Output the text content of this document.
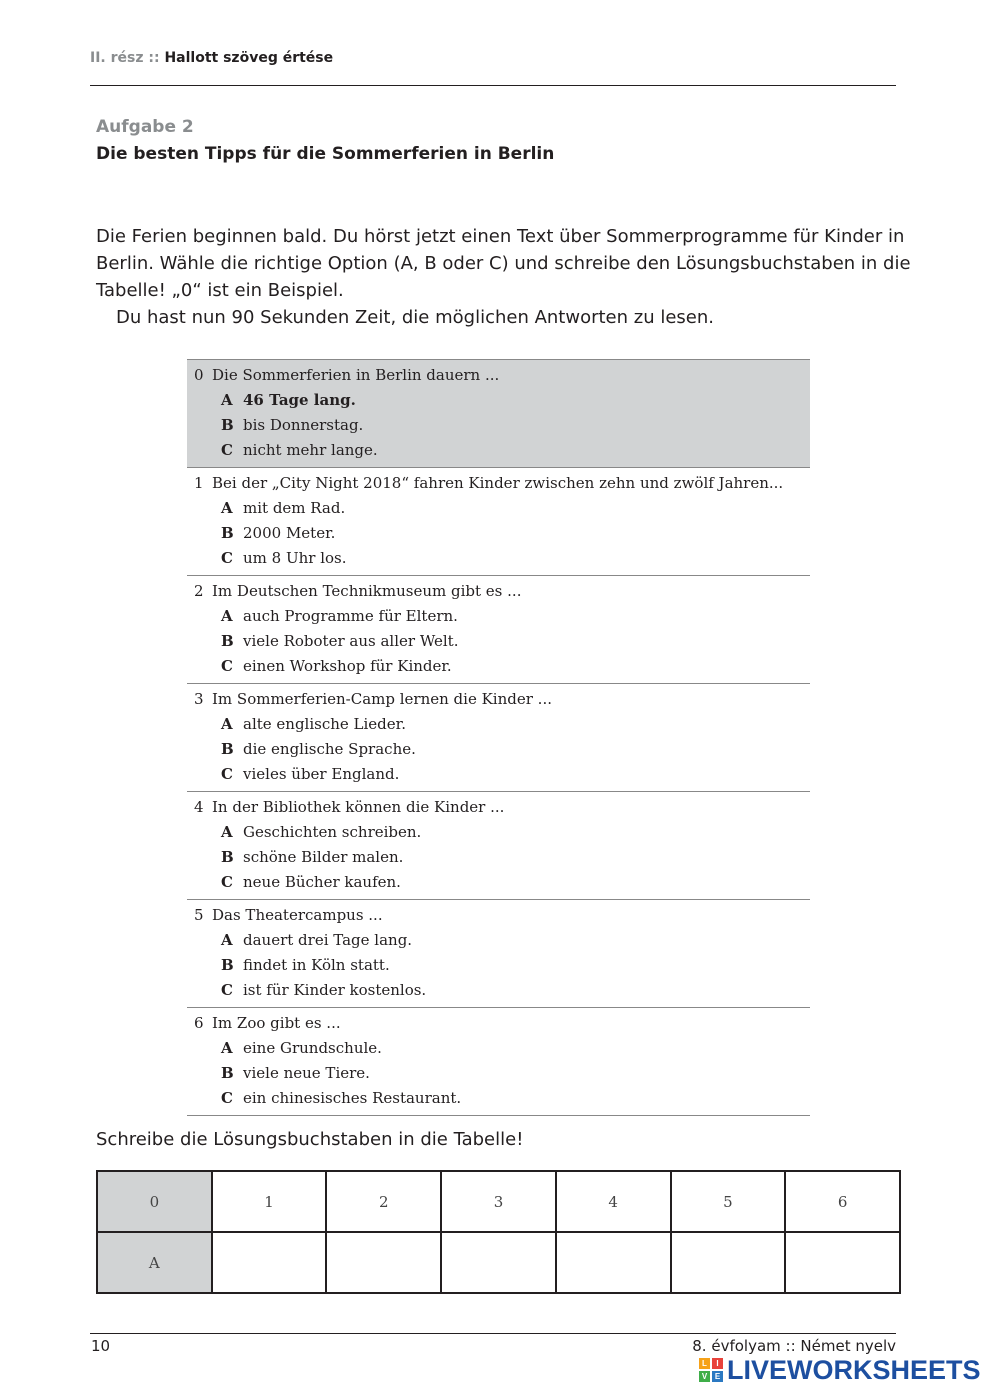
II. rész :: Hallott szöveg értése
Aufgabe 2
Die besten Tipps für die Sommerferien in Berlin

Die Ferien beginnen bald. Du hörst jetzt einen Text über Sommerprogramme für Kinder in Berlin. Wähle die richtige Option (A, B oder C) und schreibe den Lösungsbuchstaben in die Tabelle! „0“ ist ein Beispiel.

Du hast nun 90 Sekunden Zeit, die möglichen Antworten zu lesen.

0 Die Sommerferien in Berlin dauern ...
A 46 Tage lang.
B bis Donnerstag.
C nicht mehr lange.
1 Bei der „City Night 2018“ fahren Kinder zwischen zehn und zwölf Jahren...
A mit dem Rad.
B 2000 Meter.
C um 8 Uhr los.
2 Im Deutschen Technikmuseum gibt es ...
A auch Programme für Eltern.
B viele Roboter aus aller Welt.
C einen Workshop für Kinder.
3 Im Sommerferien-Camp lernen die Kinder ...
A alte englische Lieder.
B die englische Sprache.
C vieles über England.
4 In der Bibliothek können die Kinder ...
A Geschichten schreiben.
B schöne Bilder malen.
C neue Bücher kaufen.
5 Das Theatercampus ...
A dauert drei Tage lang.
B findet in Köln statt.
C ist für Kinder kostenlos.
6 Im Zoo gibt es ...
A eine Grundschule.
B viele neue Tiere.
C ein chinesisches Restaurant.
Schreibe die Lösungsbuchstaben in die Tabelle!
0	1	2	3	4	5	6
A						
10	8. évfolyam :: Német nyelv
L	I
V E LIVEWORKSHEETS
